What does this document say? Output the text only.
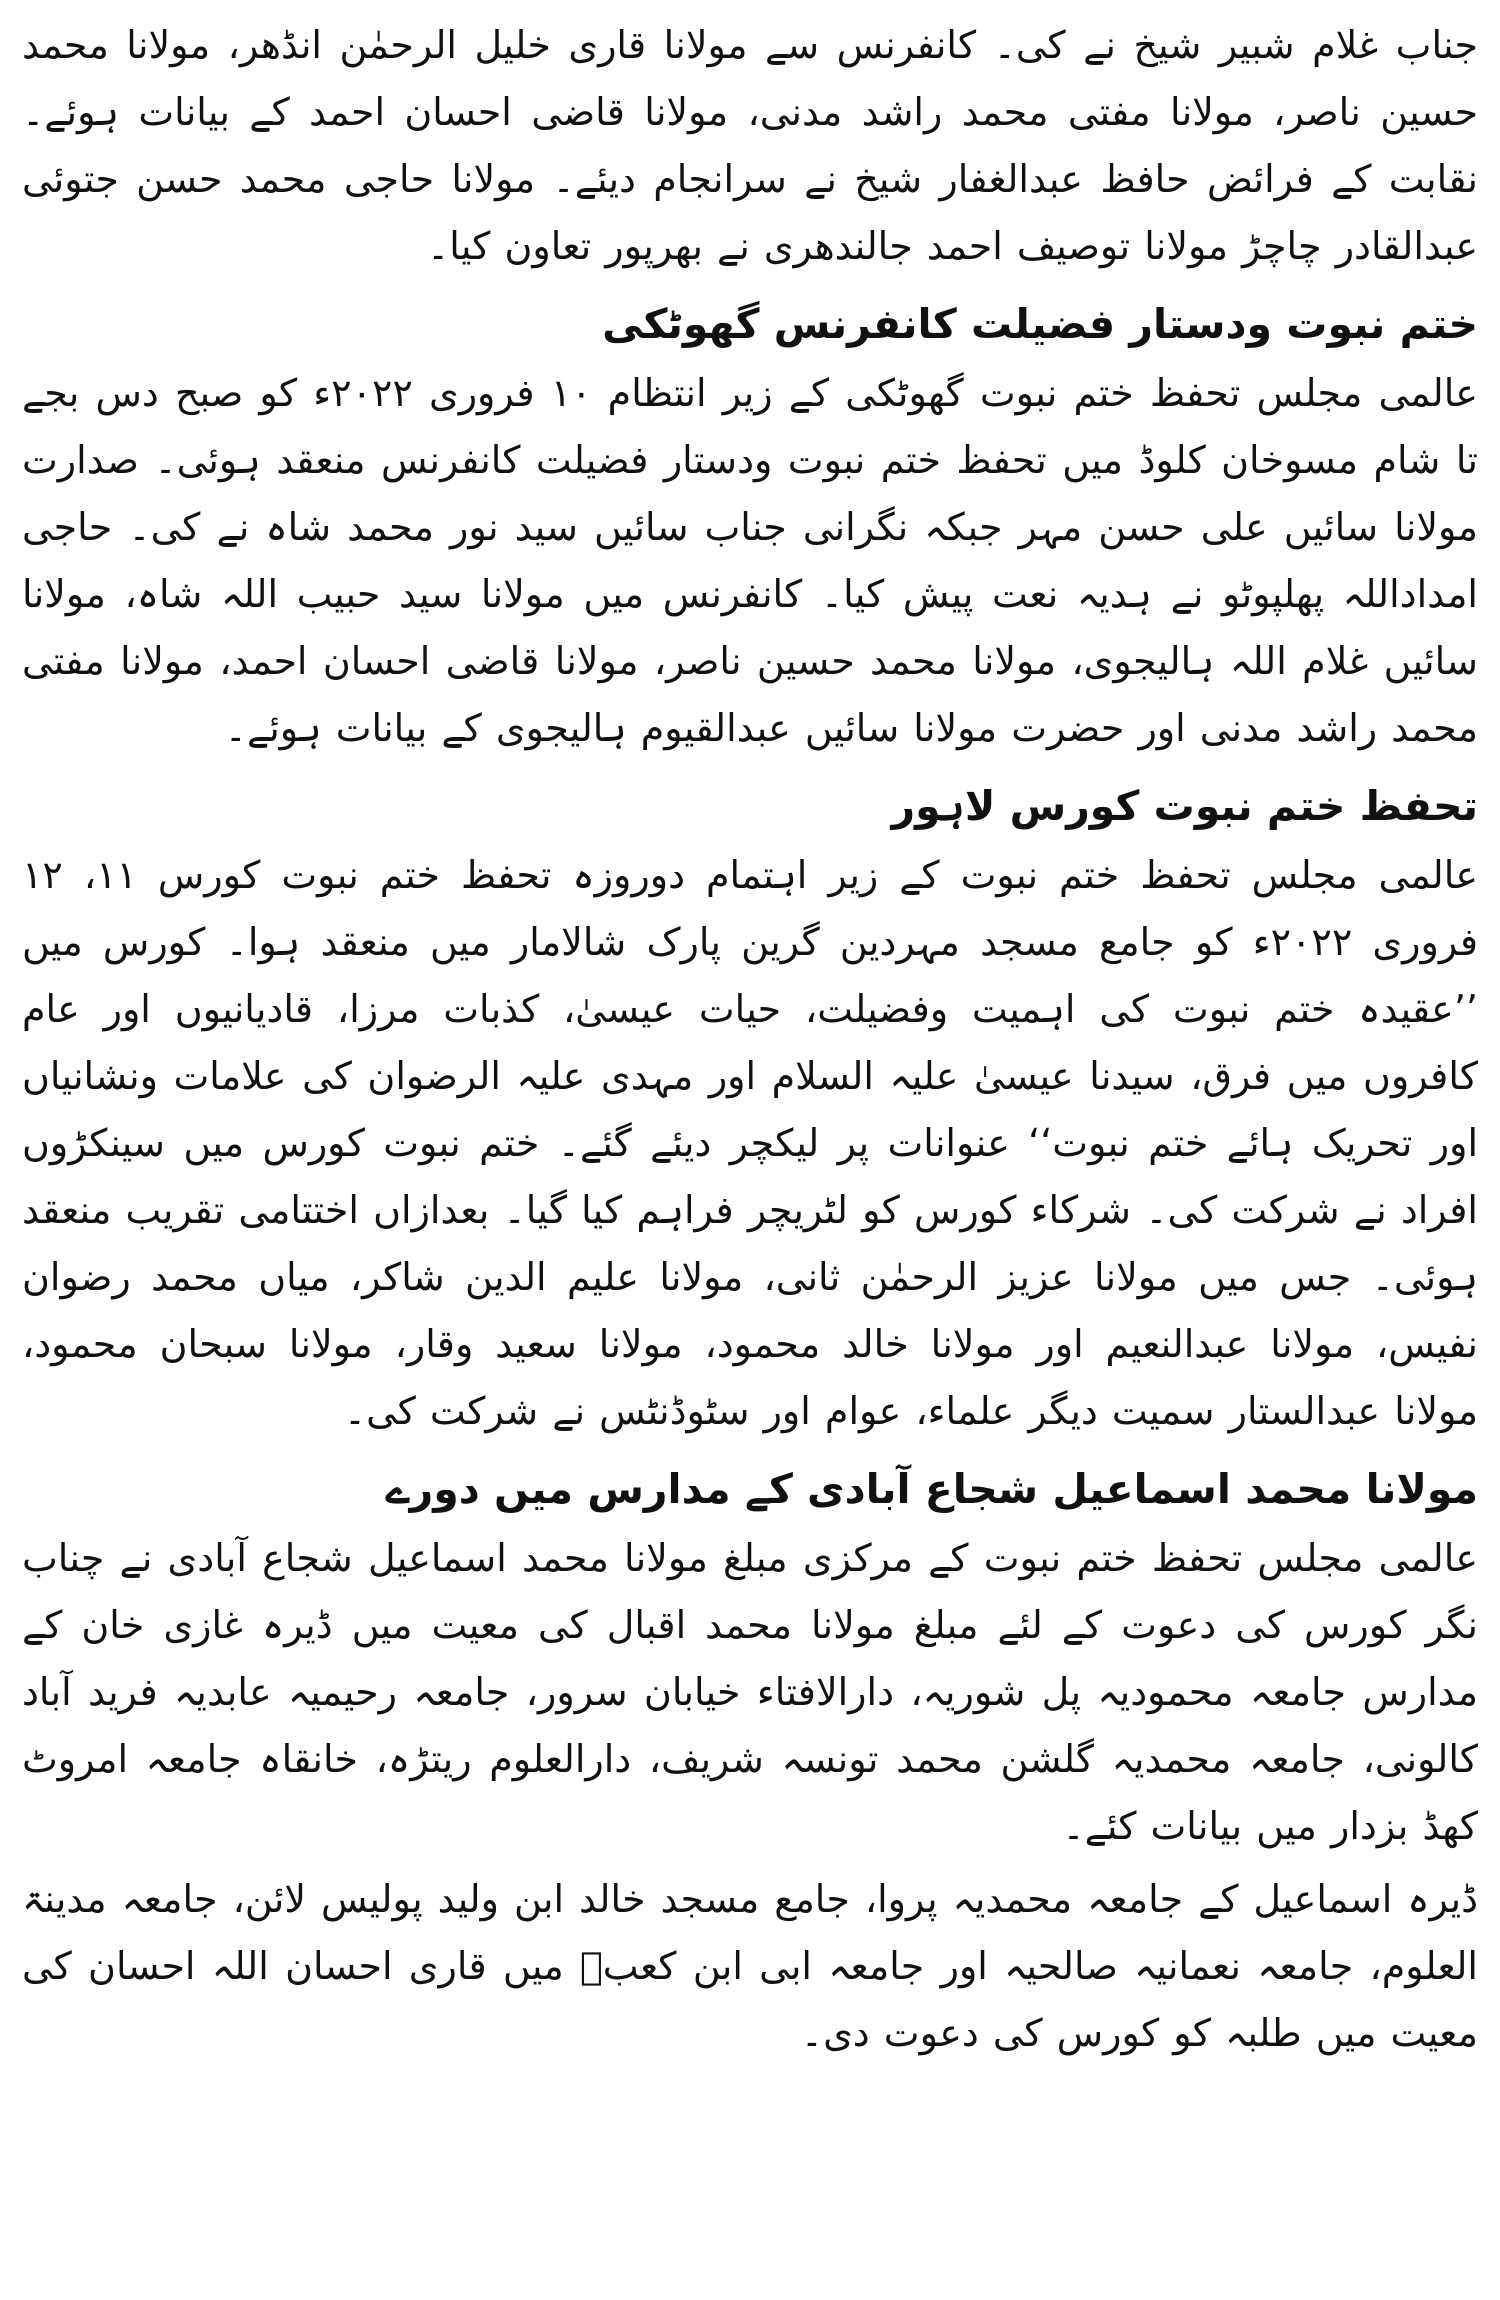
جناب غلام شبیر شیخ نے کی۔ کانفرنس سے مولانا قاری خلیل الرحمٰن انڈھر، مولانا محمد حسین ناصر، مولانا مفتی محمد راشد مدنی، مولانا قاضی احسان احمد کے بیانات ہوئے۔ نقابت کے فرائض حافظ عبدالغفار شیخ نے سرانجام دیئے۔ مولانا حاجی محمد حسن جتوئی عبدالقادر چاچڑ مولانا توصیف احمد جالندھری نے بھرپور تعاون کیا۔

ختم نبوت ودستار فضیلت کانفرنس گھوٹکی

عالمی مجلس تحفظ ختم نبوت گھوٹکی کے زیر انتظام ۱۰ فروری ۲۰۲۲ء کو صبح دس بجے تا شام مسوخان کلوڈ میں تحفظ ختم نبوت ودستار فضیلت کانفرنس منعقد ہوئی۔ صدارت مولانا سائیں علی حسن مہر جبکہ نگرانی جناب سائیں سید نور محمد شاہ نے کی۔ حاجی امداداللہ پھلپوٹو نے ہدیہ نعت پیش کیا۔ کانفرنس میں مولانا سید حبیب اللہ شاہ، مولانا سائیں غلام اللہ ہالیجوی، مولانا محمد حسین ناصر، مولانا قاضی احسان احمد، مولانا مفتی محمد راشد مدنی اور حضرت مولانا سائیں عبدالقیوم ہالیجوی کے بیانات ہوئے۔

تحفظ ختم نبوت کورس لاہور

عالمی مجلس تحفظ ختم نبوت کے زیر اہتمام دوروزہ تحفظ ختم نبوت کورس ۱۱، ۱۲ فروری ۲۰۲۲ء کو جامع مسجد مہردین گرین پارک شالامار میں منعقد ہوا۔ کورس میں ’’عقیدہ ختم نبوت کی اہمیت وفضیلت، حیات عیسیٰ، کذبات مرزا، قادیانیوں اور عام کافروں میں فرق، سیدنا عیسیٰ علیہ السلام اور مہدی علیہ الرضوان کی علامات ونشانیاں اور تحریک ہائے ختم نبوت‘‘ عنوانات پر لیکچر دیئے گئے۔ ختم نبوت کورس میں سینکڑوں افراد نے شرکت کی۔ شرکاء کورس کو لٹریچر فراہم کیا گیا۔ بعدازاں اختتامی تقریب منعقد ہوئی۔ جس میں مولانا عزیز الرحمٰن ثانی، مولانا علیم الدین شاکر، میاں محمد رضوان نفیس، مولانا عبدالنعیم اور مولانا خالد محمود، مولانا سعید وقار، مولانا سبحان محمود، مولانا عبدالستار سمیت دیگر علماء، عوام اور سٹوڈنٹس نے شرکت کی۔

مولانا محمد اسماعیل شجاع آبادی کے مدارس میں دورے

عالمی مجلس تحفظ ختم نبوت کے مرکزی مبلغ مولانا محمد اسماعیل شجاع آبادی نے چناب نگر کورس کی دعوت کے لئے مبلغ مولانا محمد اقبال کی معیت میں ڈیرہ غازی خان کے مدارس جامعہ محمودیہ پل شوریہ، دارالافتاء خیابان سرور، جامعہ رحیمیہ عابدیہ فرید آباد کالونی، جامعہ محمدیہ گلشن محمد تونسہ شریف، دارالعلوم ریتڑہ، خانقاہ جامعہ امروٹ کھڈ بزدار میں بیانات کئے۔

ڈیرہ اسماعیل کے جامعہ محمدیہ پروا، جامع مسجد خالد ابن ولید پولیس لائن، جامعہ مدینۃ العلوم، جامعہ نعمانیہ صالحیہ اور جامعہ ابی ابن کعبؓ میں قاری احسان اللہ احسان کی معیت میں طلبہ کو کورس کی دعوت دی۔
